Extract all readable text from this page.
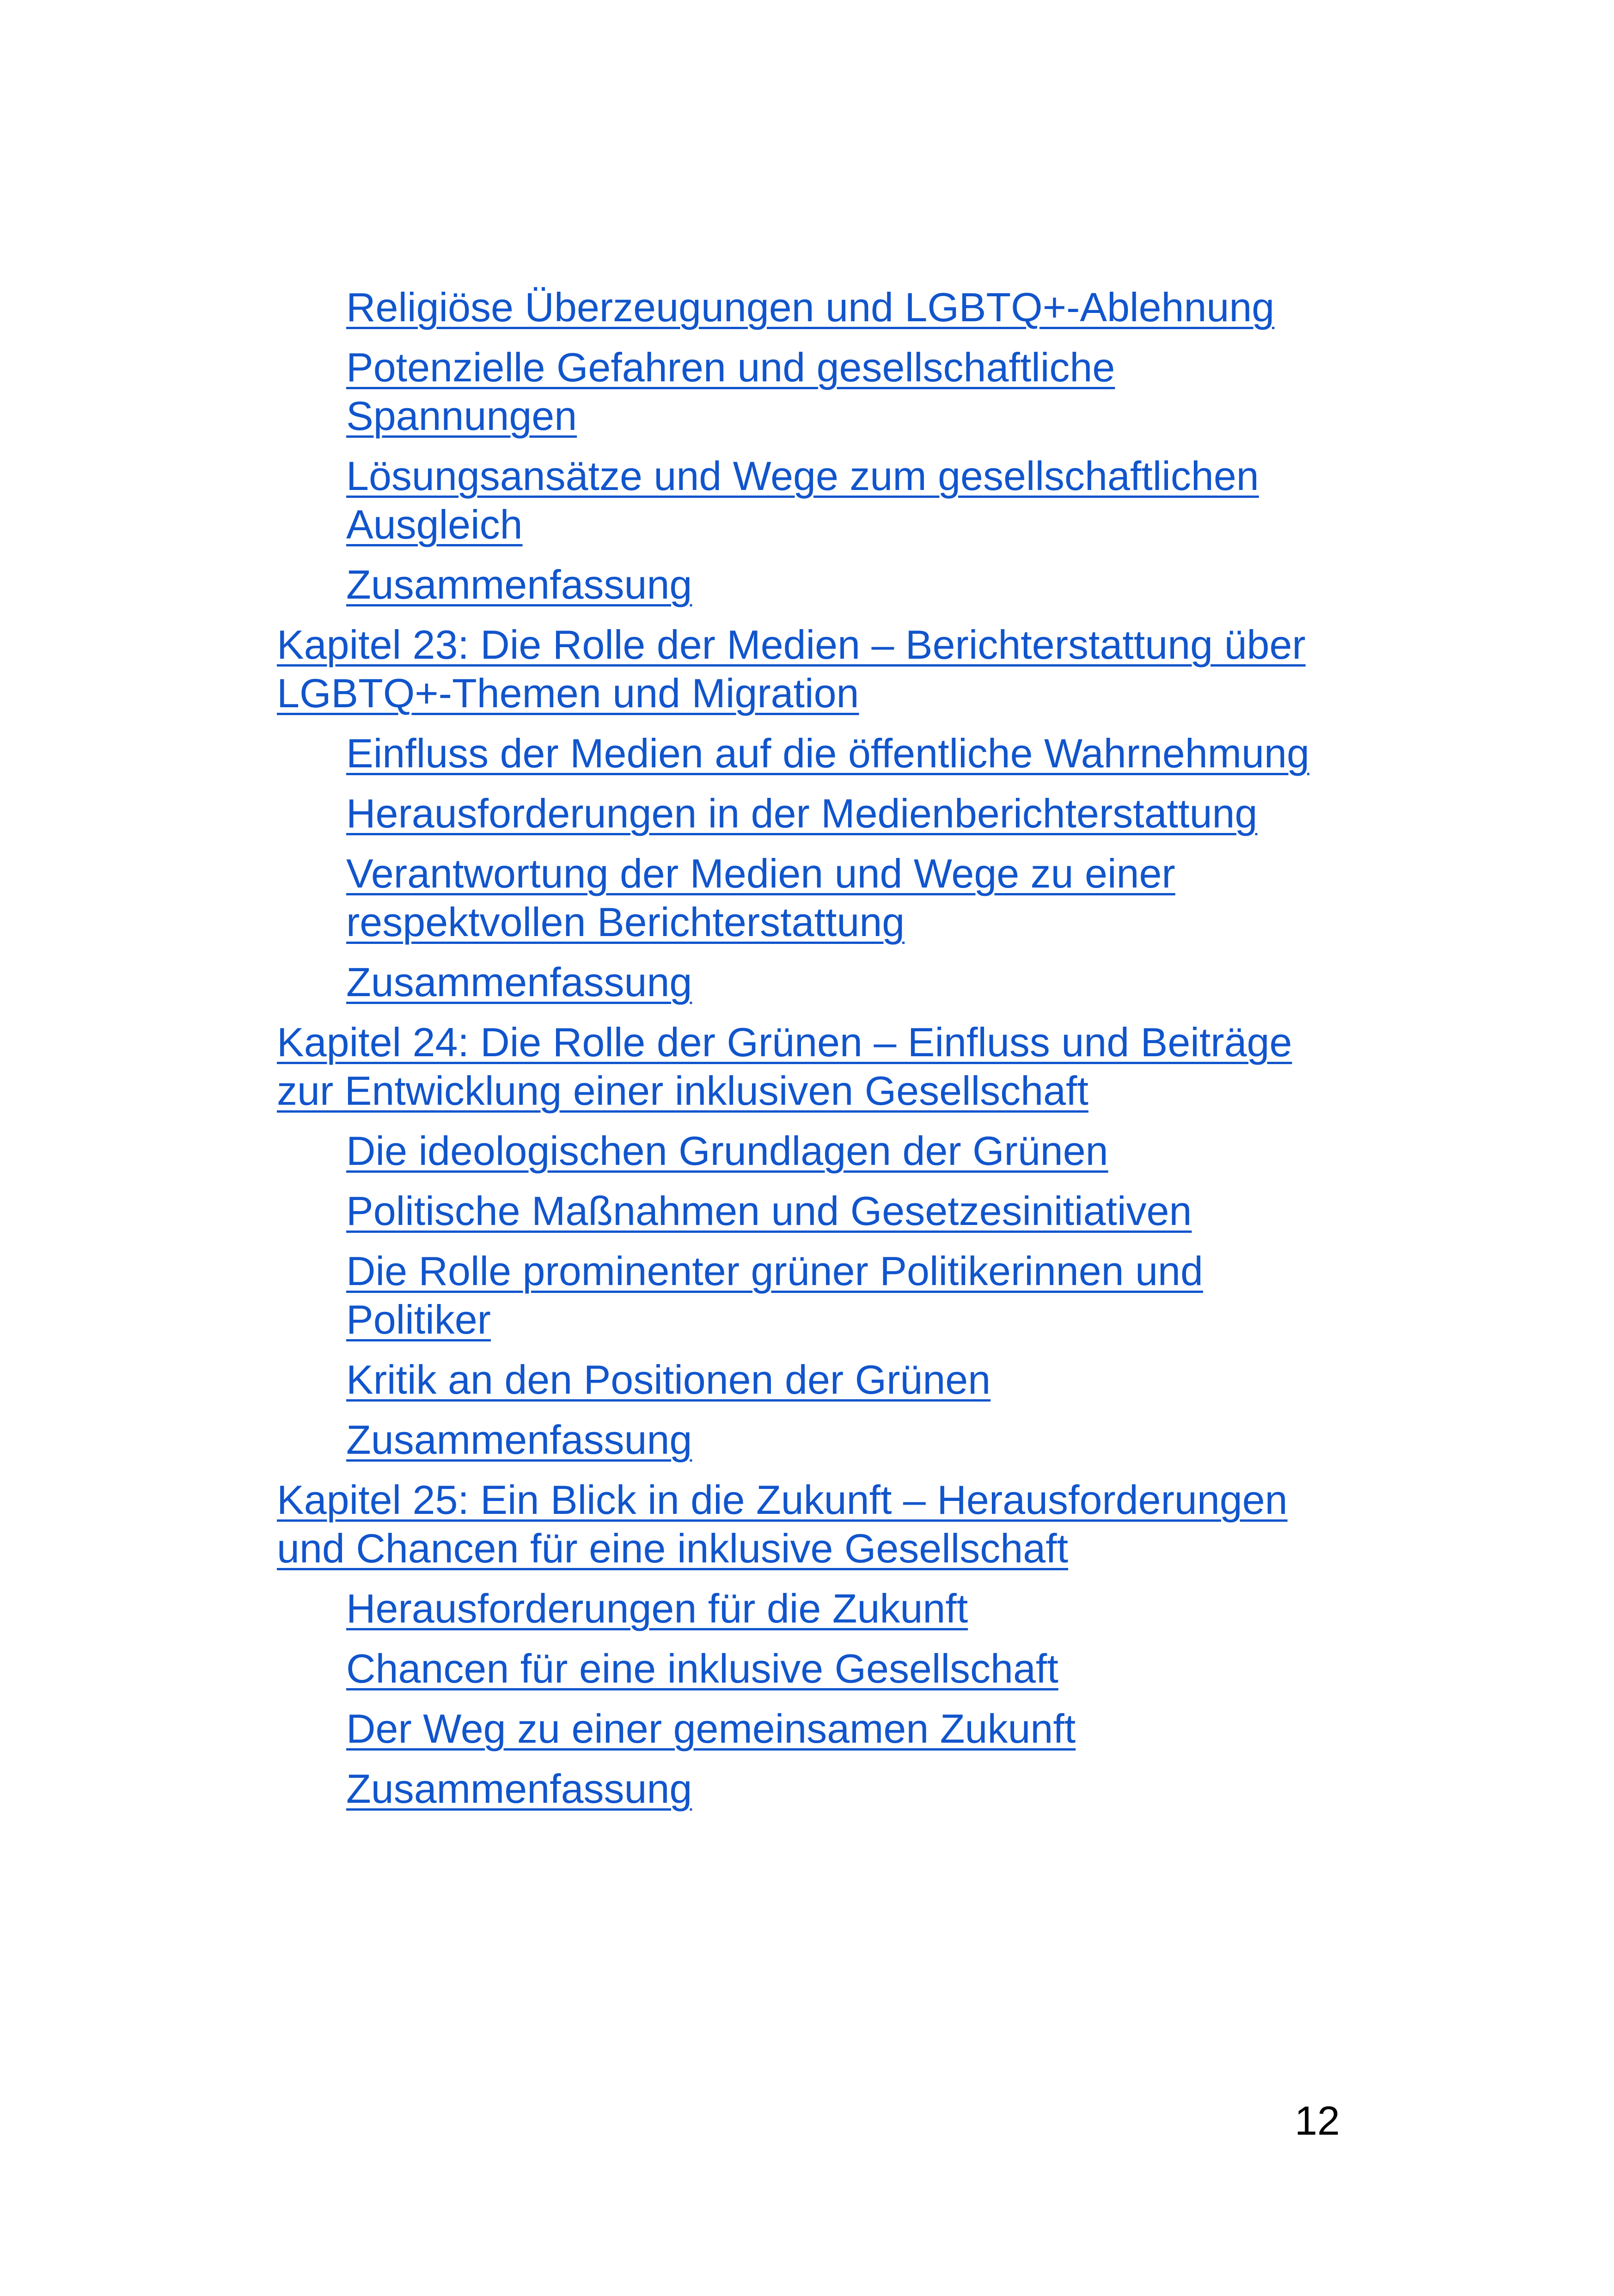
Religiöse Überzeugungen und LGBTQ+-Ablehnung
Potenzielle Gefahren und gesellschaftliche Spannungen
Lösungsansätze und Wege zum gesellschaftlichen Ausgleich
Zusammenfassung
Kapitel 23: Die Rolle der Medien – Berichterstattung über LGBTQ+-Themen und Migration
Einfluss der Medien auf die öffentliche Wahrnehmung
Herausforderungen in der Medienberichterstattung
Verantwortung der Medien und Wege zu einer respektvollen Berichterstattung
Zusammenfassung
Kapitel 24: Die Rolle der Grünen – Einfluss und Beiträge zur Entwicklung einer inklusiven Gesellschaft
Die ideologischen Grundlagen der Grünen
Politische Maßnahmen und Gesetzesinitiativen
Die Rolle prominenter grüner Politikerinnen und Politiker
Kritik an den Positionen der Grünen
Zusammenfassung
Kapitel 25: Ein Blick in die Zukunft – Herausforderungen und Chancen für eine inklusive Gesellschaft
Herausforderungen für die Zukunft
Chancen für eine inklusive Gesellschaft
Der Weg zu einer gemeinsamen Zukunft
Zusammenfassung
12
